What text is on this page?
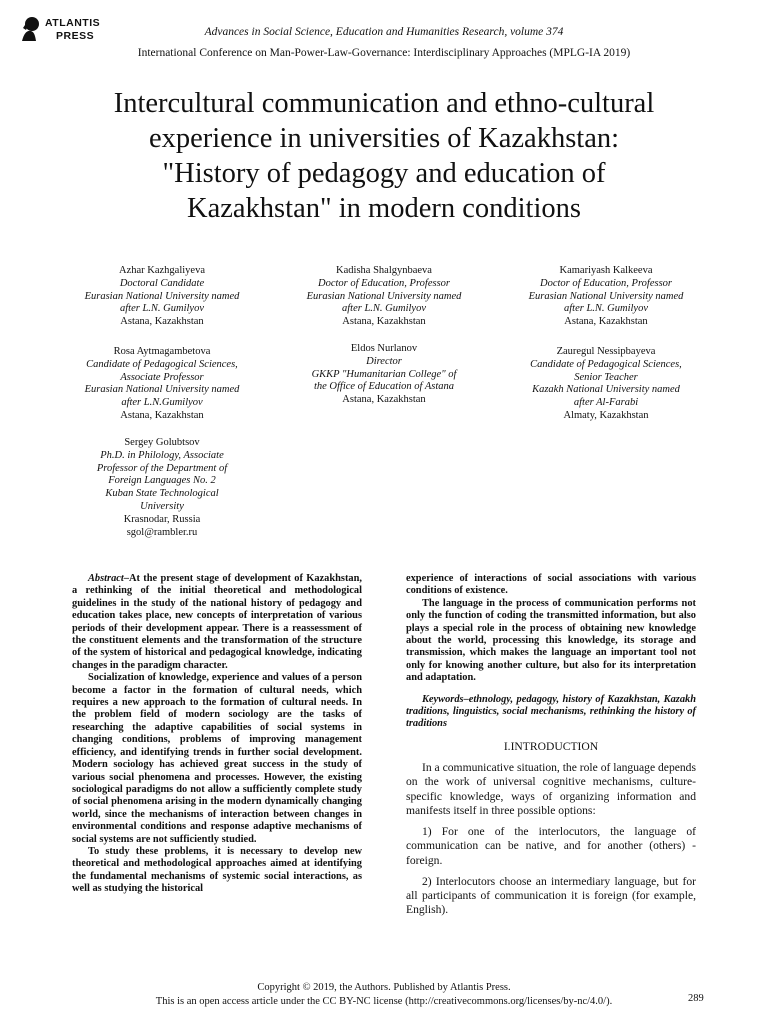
ATLANTIS
PRESS	Advances in Social Science, Education and Humanities Research, volume 374
International Conference on Man-Power-Law-Governance: Interdisciplinary Approaches (MPLG-IA 2019)
Intercultural communication and ethno-cultural
experience in universities of Kazakhstan:
"History of pedagogy and education of
Kazakhstan" in modern conditions
Azhar Kazhgaliyeva
Doctoral Candidate
Eurasian National University named
after L.N. Gumilyov
Astana, Kazakhstan
Kadisha Shalgynbaeva
Doctor of Education, Professor
Eurasian National University named
after L.N. Gumilyov
Astana, Kazakhstan
Kamariyash Kalkeeva
Doctor of Education, Professor
Eurasian National University named
after L.N. Gumilyov
Astana, Kazakhstan
Rosa Aytmagambetova
Candidate of Pedagogical Sciences,
Associate Professor
Eurasian National University named
after L.N.Gumilyov
Astana, Kazakhstan
Eldos Nurlanov
Director
GKKP "Humanitarian College" of
the Office of Education of Astana
Astana, Kazakhstan
Zauregul Nessipbayeva
Candidate of Pedagogical Sciences,
Senior Teacher
Kazakh National University named
after Al-Farabi
Almaty, Kazakhstan
Sergey Golubtsov
Ph.D. in Philology, Associate
Professor of the Department of
Foreign Languages No. 2
Kuban State Technological
University
Krasnodar, Russia
sgol@rambler.ru

Abstract–At the present stage of development of Kazakhstan, a rethinking of the initial theoretical and methodological guidelines in the study of the national history of pedagogy and education takes place, new concepts of interpretation of various periods of their development appear. There is a reassessment of the constituent elements and the transformation of the structure of the system of historical and pedagogical knowledge, indicating changes in the paradigm character.

Socialization of knowledge, experience and values of a person become a factor in the formation of cultural needs, which requires a new approach to the formation of cultural needs. In the problem field of modern sociology are the tasks of researching the adaptive capabilities of social systems in changing conditions, problems of improving management efficiency, and identifying trends in further social development. Modern sociology has achieved great success in the study of various social phenomena and processes. However, the existing sociological paradigms do not allow a sufficiently complete study of social phenomena arising in the modern dynamically changing world, since the mechanisms of interaction between changes in environmental conditions and response adaptive mechanisms of social systems are not sufficiently studied.

To study these problems, it is necessary to develop new theoretical and methodological approaches aimed at identifying the fundamental mechanisms of systemic social interactions, as well as studying the historical

experience of interactions of social associations with various conditions of existence.

The language in the process of communication performs not only the function of coding the transmitted information, but also plays a special role in the process of obtaining new knowledge about the world, processing this knowledge, its storage and transmission, which makes the language an important tool not only for knowing another culture, but also for its interpretation and adaptation.

Keywords–ethnology, pedagogy, history of Kazakhstan, Kazakh traditions, linguistics, social mechanisms, rethinking the history of traditions

I.INTRODUCTION

In a communicative situation, the role of language depends on the work of universal cognitive mechanisms, culture-specific knowledge, ways of organizing information and manifests itself in three possible options:

1) For one of the interlocutors, the language of communication can be native, and for another (others) - foreign.

2) Interlocutors choose an intermediary language, but for all participants of communication it is foreign (for example, English).

Copyright © 2019, the Authors. Published by Atlantis Press.
This is an open access article under the CC BY-NC license (http://creativecommons.org/licenses/by-nc/4.0/).	289
